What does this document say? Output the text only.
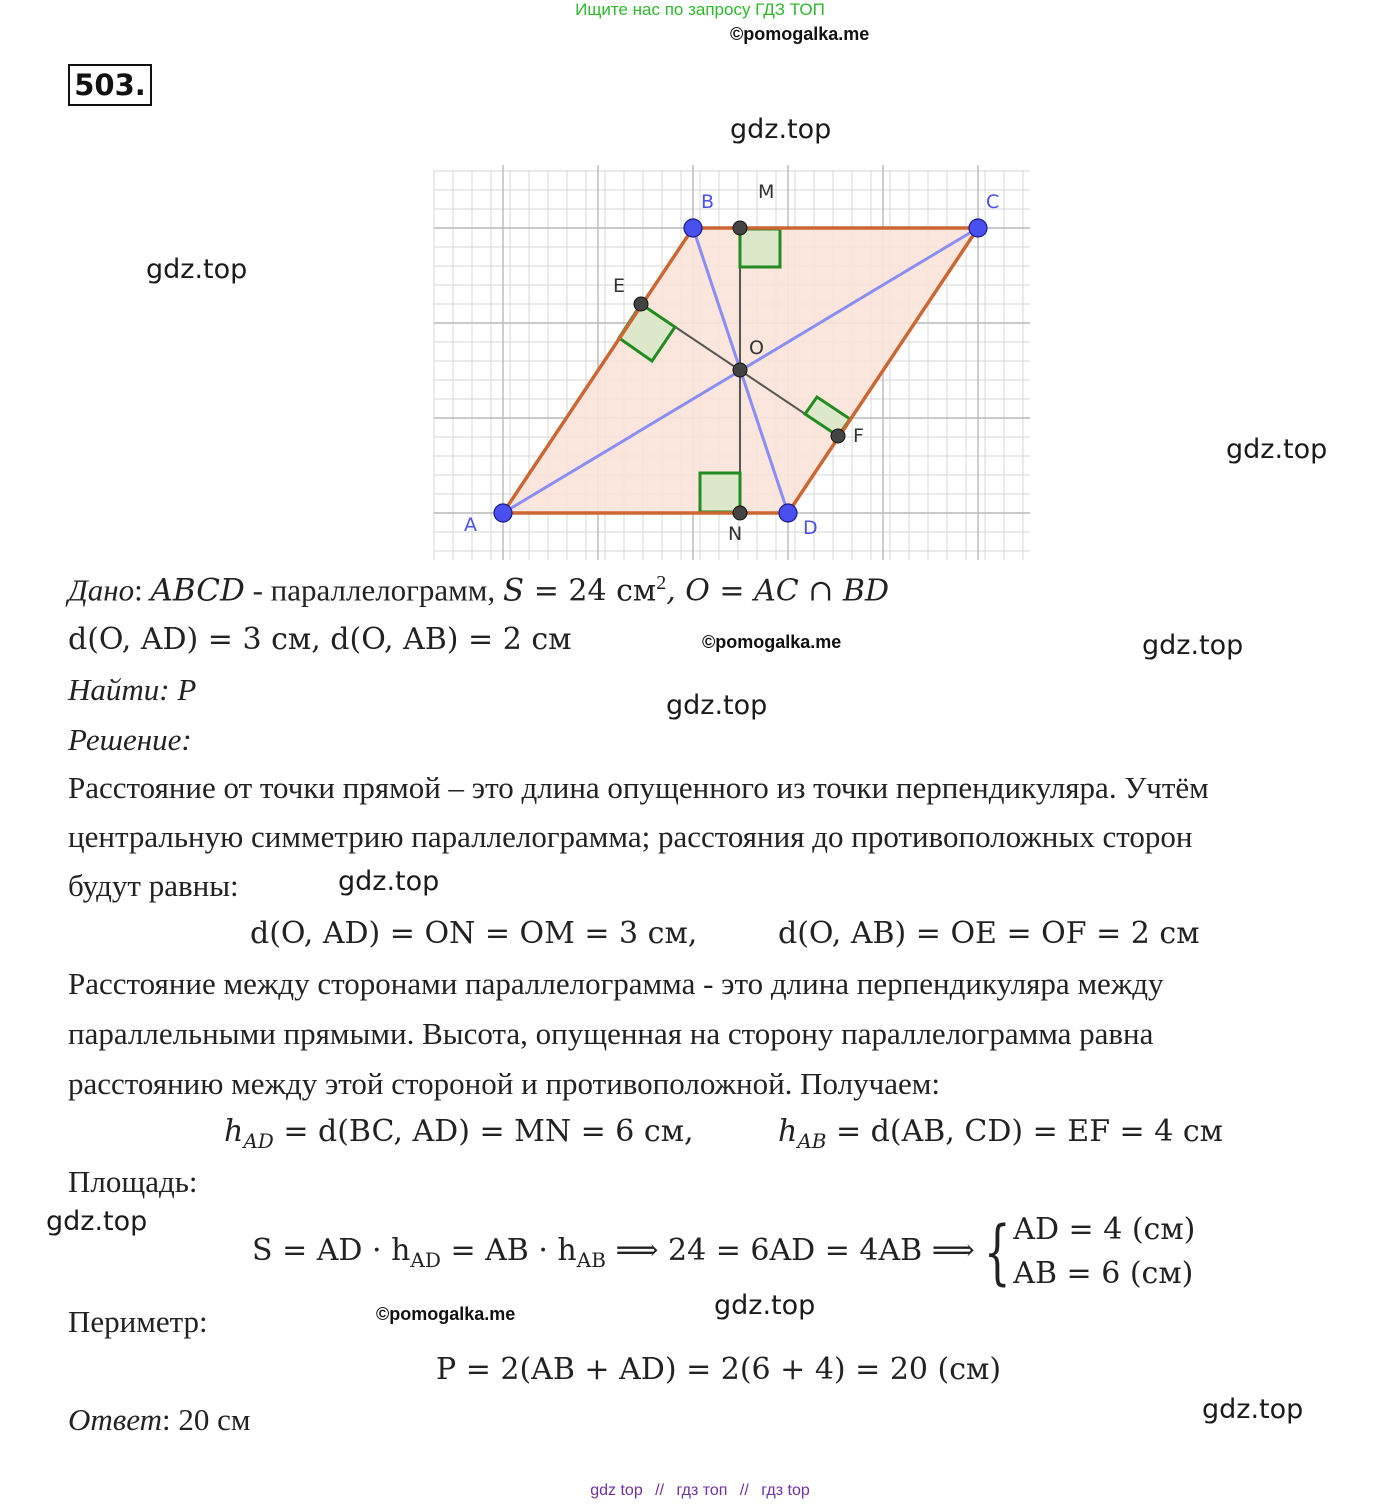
Ищите нас по запросу ГДЗ ТОП
©pomogalka.me
503.
gdz.top
gdz.top
gdz.top
gdz.top
gdz.top
gdz.top
gdz.top
gdz.top
gdz.top
B M	C
E
O
F
A	N	D
Дано: ABCD - параллелограмм, S = 24 $см^2$, O = AC ∩ BD
d(O, AD) = 3 см, d(O, AB) = 2 см	©pomogalka.me
Найти: P
Решение:
Расстояние от точки прямой – это длина опущенного из точки перпендикуляра. Учтём
центральную симметрию параллелограмма; расстояния до противоположных сторон
будут равны:
d(O, AD) = ON = OM = 3 см,	d(O, AB) = OE = OF = 2 см
Расстояние между сторонами параллелограмма - это длина перпендикуляра между
параллельными прямыми. Высота, опущенная на сторону параллелограмма равна
расстоянию между этой стороной и противоположной. Получаем:
$h_{AD} = d(BC$, AD) = MN = 6 см,	$h_{AB} = d(AB$, CD) = EF = 4 см
Площадь:
S = AD · $h_{AD}$ = AB · $h_{AB}$ ⟹ 24 = 6AD = 4AB ⟹{AD = 4 (см)
AB = 6 (см)
Периметр:	©pomogalka.me
P = 2(AB + AD) = 2(6 + 4) = 20 (см)
Ответ: 20 см
gdz top // гдз топ // гдз top
